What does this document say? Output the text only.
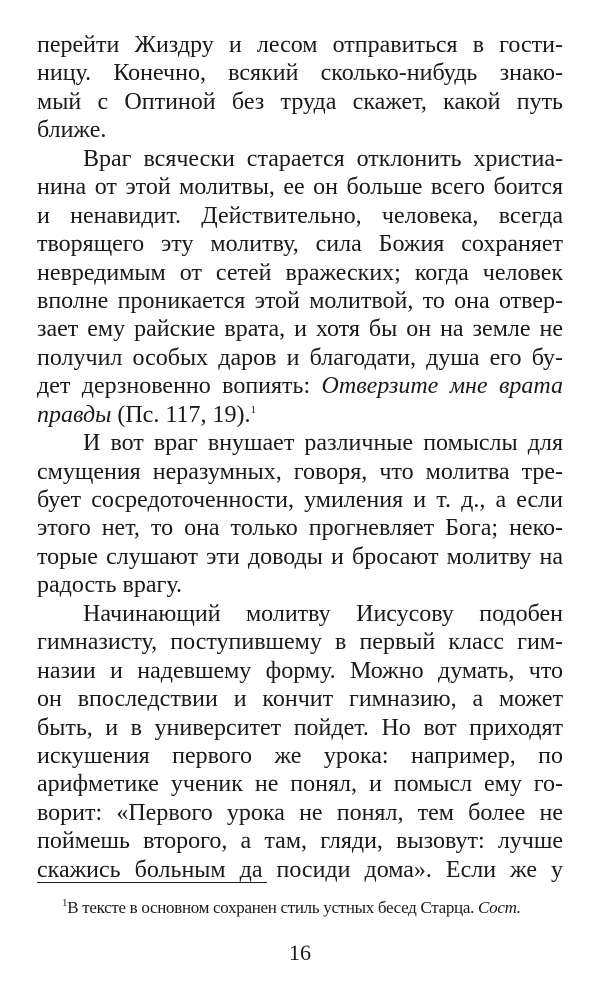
перейти Жиздру и лесом отправиться в гости-
ницу. Конечно, всякий сколько-нибудь знако-
мый с Оптиной без труда скажет, какой путь
ближе.
Враг всячески старается отклонить христиа-
нина от этой молитвы, ее он больше всего боится
и ненавидит. Действительно, человека, всегда
творящего эту молитву, сила Божия сохраняет
невредимым от сетей вражеских; когда человек
вполне проникается этой молитвой, то она отвер-
зает ему райские врата, и хотя бы он на земле не
получил особых даров и благодати, душа его бу-
дет дерзновенно вопиять: Отверзите мне врата
правды (Пс. 117, 19).$^1$
И вот враг внушает различные помыслы для
смущения неразумных, говоря, что молитва тре-
бует сосредоточенности, умиления и т. д., а если
этого нет, то она только прогневляет Бога; неко-
торые слушают эти доводы и бросают молитву на
радость врагу.
Начинающий молитву Иисусову подобен
гимназисту, поступившему в первый класс гим-
назии и надевшему форму. Можно думать, что
он впоследствии и кончит гимназию, а может
быть, и в университет пойдет. Но вот приходят
искушения первого же урока: например, по
арифметике ученик не понял, и помысл ему го-
ворит: «Первого урока не понял, тем более не
поймешь второго, а там, гляди, вызовут: лучше
скажись больным да посиди дома». Если же у
$^1$В тексте в основном сохранен стиль устных бесед Старца. Сост.
16
